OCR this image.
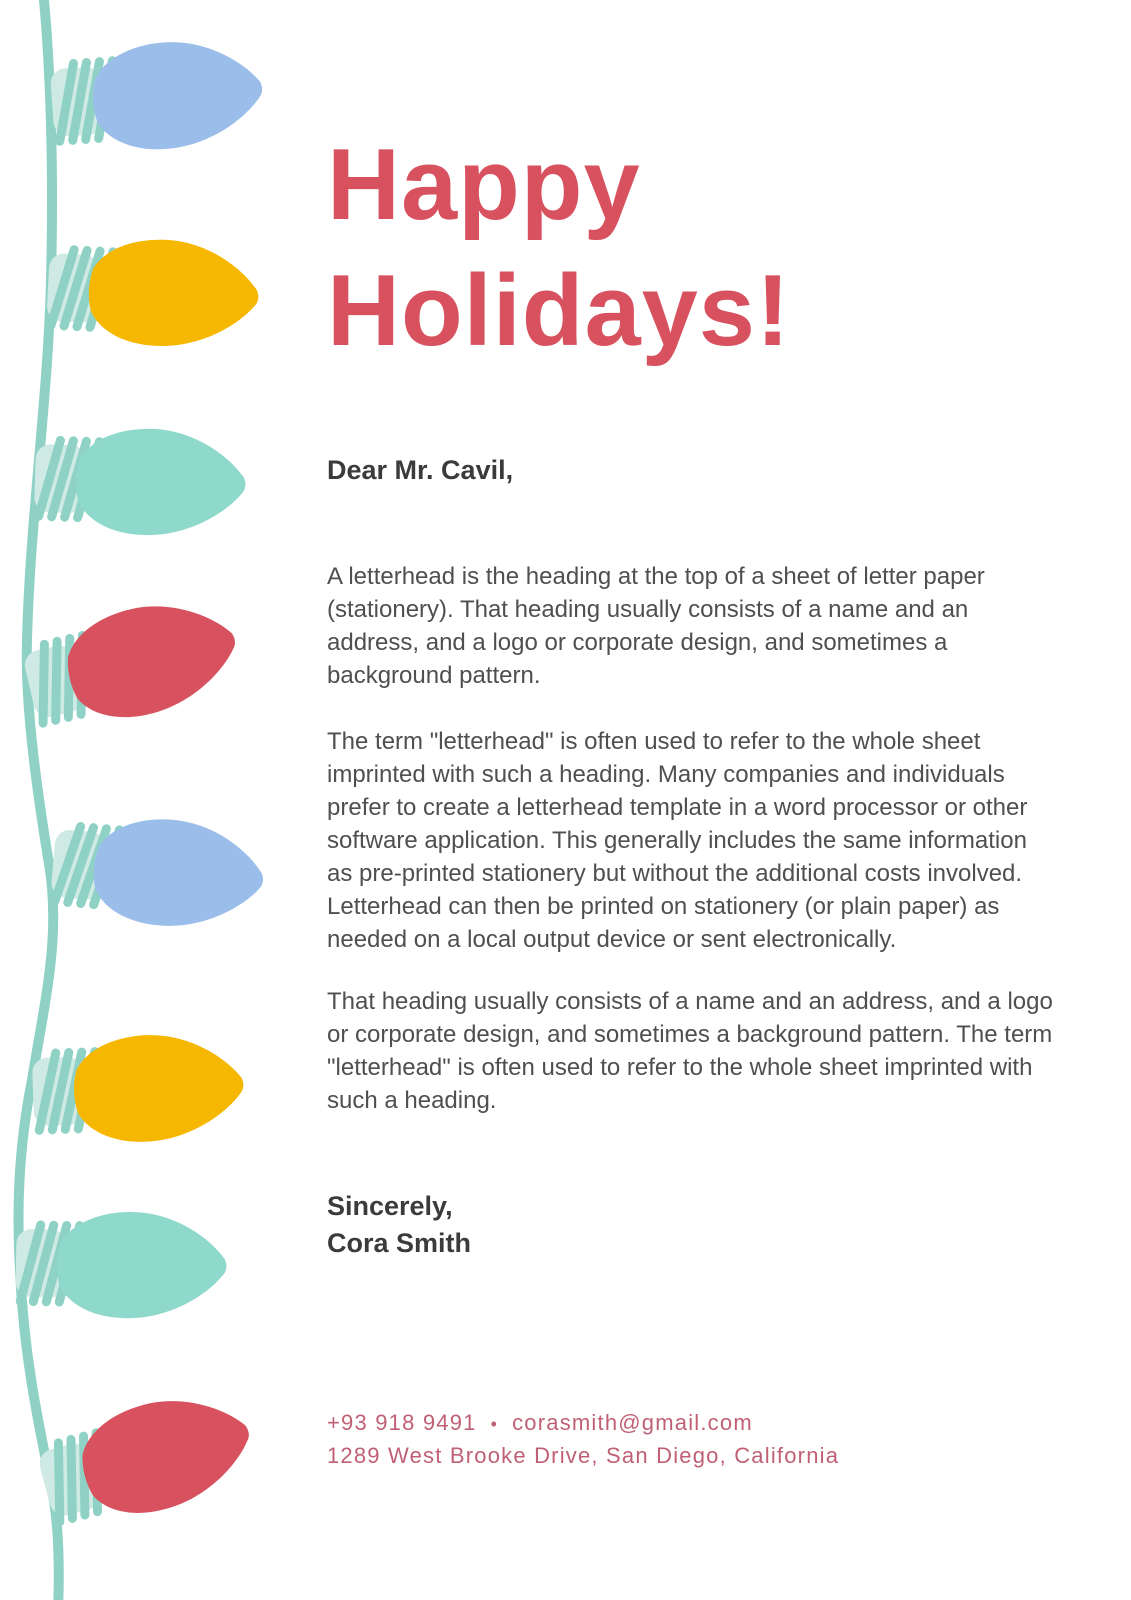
Happy Holidays!

Dear Mr. Cavil,

A letterhead is the heading at the top of a sheet of letter paper (stationery). That heading usually consists of a name and an address, and a logo or corporate design, and sometimes a background pattern.

The term "letterhead" is often used to refer to the whole sheet imprinted with such a heading. Many companies and individuals prefer to create a letterhead template in a word processor or other software application. This generally includes the same information as pre-printed stationery but without the additional costs involved. Letterhead can then be printed on stationery (or plain paper) as needed on a local output device or sent electronically.

That heading usually consists of a name and an address, and a logo or corporate design, and sometimes a background pattern. The term "letterhead" is often used to refer to the whole sheet imprinted with such a heading.

Sincerely,
Cora Smith
+93 918 9491 • corasmith@gmail.com
1289 West Brooke Drive, San Diego, California
